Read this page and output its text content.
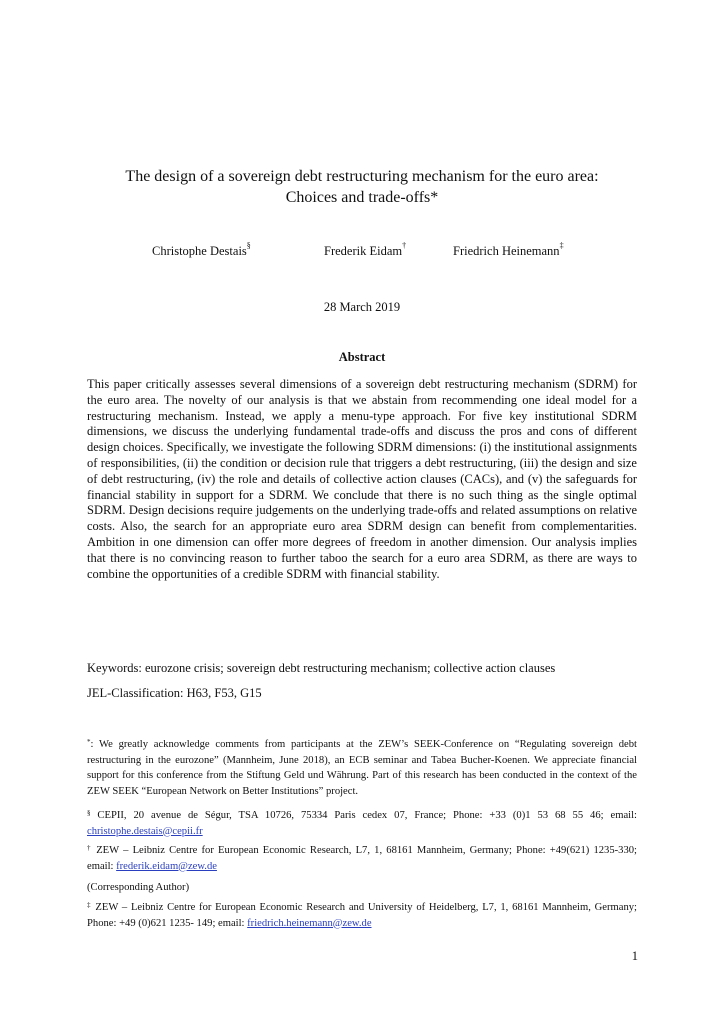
The design of a sovereign debt restructuring mechanism for the euro area:
Choices and trade-offs*
Christophe Destais§	Frederik Eidam†	Friedrich Heinemann‡
28 March 2019
Abstract

This paper critically assesses several dimensions of a sovereign debt restructuring mechanism (SDRM) for the euro area. The novelty of our analysis is that we abstain from recommending one ideal model for a restructuring mechanism. Instead, we apply a menu-type approach. For five key institutional SDRM dimensions, we discuss the underlying fundamental trade-offs and discuss the pros and cons of different design choices. Specifically, we investigate the following SDRM dimensions: (i) the institutional assignments of responsibilities, (ii) the condition or decision rule that triggers a debt restructuring, (iii) the design and size of debt restructuring, (iv) the role and details of collective action clauses (CACs), and (v) the safeguards for financial stability in support for a SDRM. We conclude that there is no such thing as the single optimal SDRM. Design decisions require judgements on the underlying trade-offs and related assumptions on relative costs. Also, the search for an appropriate euro area SDRM design can benefit from complementarities. Ambition in one dimension can offer more degrees of freedom in another dimension. Our analysis implies that there is no convincing reason to further taboo the search for a euro area SDRM, as there are ways to combine the opportunities of a credible SDRM with financial stability.

Keywords: eurozone crisis; sovereign debt restructuring mechanism; collective action clauses
JEL-Classification: H63, F53, G15
*: We greatly acknowledge comments from participants at the ZEW’s SEEK-Conference on “Regulating sovereign debt restructuring in the eurozone” (Mannheim, June 2018), an ECB seminar and Tabea Bucher-Koenen. We appreciate financial support for this conference from the Stiftung Geld und Währung. Part of this research has been conducted in the context of the ZEW SEEK “European Network on Better Institutions” project.
§ CEPII, 20 avenue de Ségur, TSA 10726, 75334 Paris cedex 07, France; Phone: +33 (0)1 53 68 55 46; email: christophe.destais@cepii.fr
† ZEW – Leibniz Centre for European Economic Research, L7, 1, 68161 Mannheim, Germany; Phone: +49(621) 1235-330; email: frederik.eidam@zew.de
(Corresponding Author)
‡ ZEW – Leibniz Centre for European Economic Research and University of Heidelberg, L7, 1, 68161 Mannheim, Germany; Phone: +49 (0)621 1235- 149; email: friedrich.heinemann@zew.de
1
